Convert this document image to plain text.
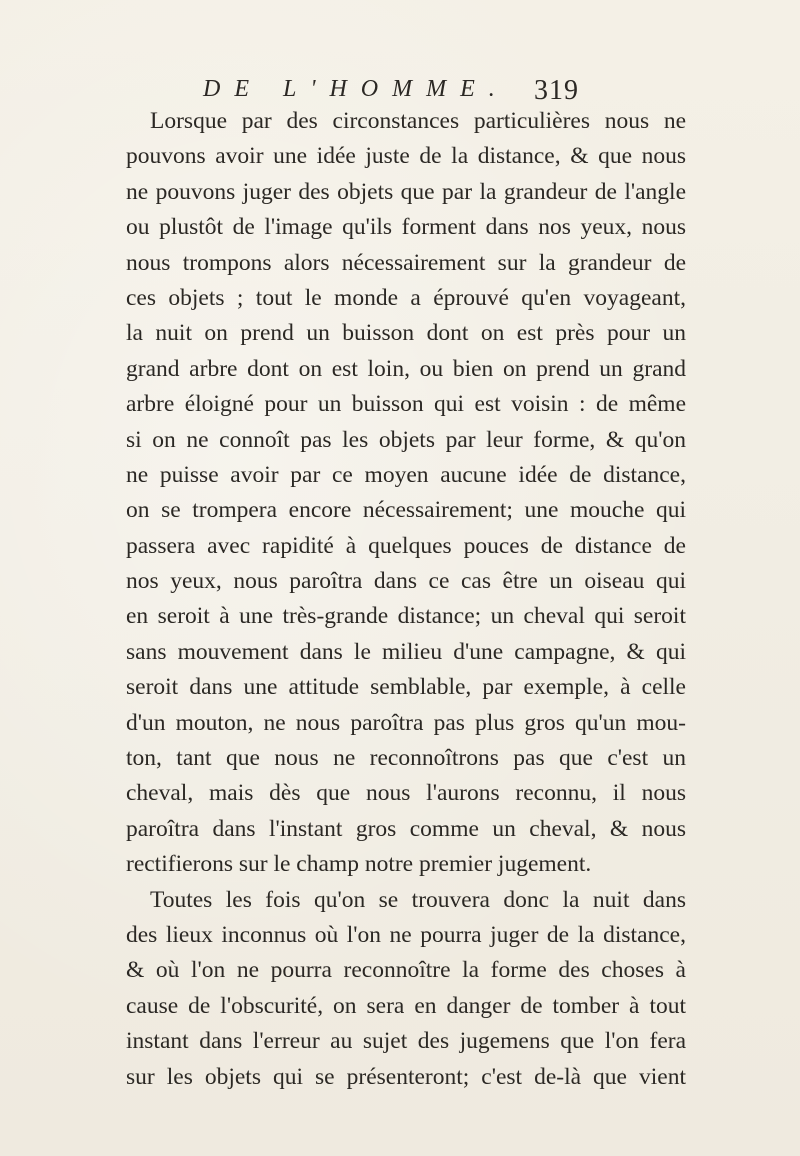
DE L'HOMME. 319
Lorsque par des circonstances particulières nous ne
pouvons avoir une idée juste de la distance, & que nous
ne pouvons juger des objets que par la grandeur de l'angle
ou plustôt de l'image qu'ils forment dans nos yeux, nous
nous trompons alors nécessairement sur la grandeur de
ces objets ; tout le monde a éprouvé qu'en voyageant,
la nuit on prend un buisson dont on est près pour un
grand arbre dont on est loin, ou bien on prend un grand
arbre éloigné pour un buisson qui est voisin : de même
si on ne connoît pas les objets par leur forme, & qu'on
ne puisse avoir par ce moyen aucune idée de distance,
on se trompera encore nécessairement; une mouche qui
passera avec rapidité à quelques pouces de distance de
nos yeux, nous paroîtra dans ce cas être un oiseau qui
en seroit à une très-grande distance; un cheval qui seroit
sans mouvement dans le milieu d'une campagne, & qui
seroit dans une attitude semblable, par exemple, à celle
d'un mouton, ne nous paroîtra pas plus gros qu'un mou-
ton, tant que nous ne reconnoîtrons pas que c'est un
cheval, mais dès que nous l'aurons reconnu, il nous
paroîtra dans l'instant gros comme un cheval, & nous
rectifierons sur le champ notre premier jugement.
Toutes les fois qu'on se trouvera donc la nuit dans
des lieux inconnus où l'on ne pourra juger de la distance,
& où l'on ne pourra reconnoître la forme des choses à
cause de l'obscurité, on sera en danger de tomber à tout
instant dans l'erreur au sujet des jugemens que l'on fera
sur les objets qui se présenteront; c'est de-là que vient
